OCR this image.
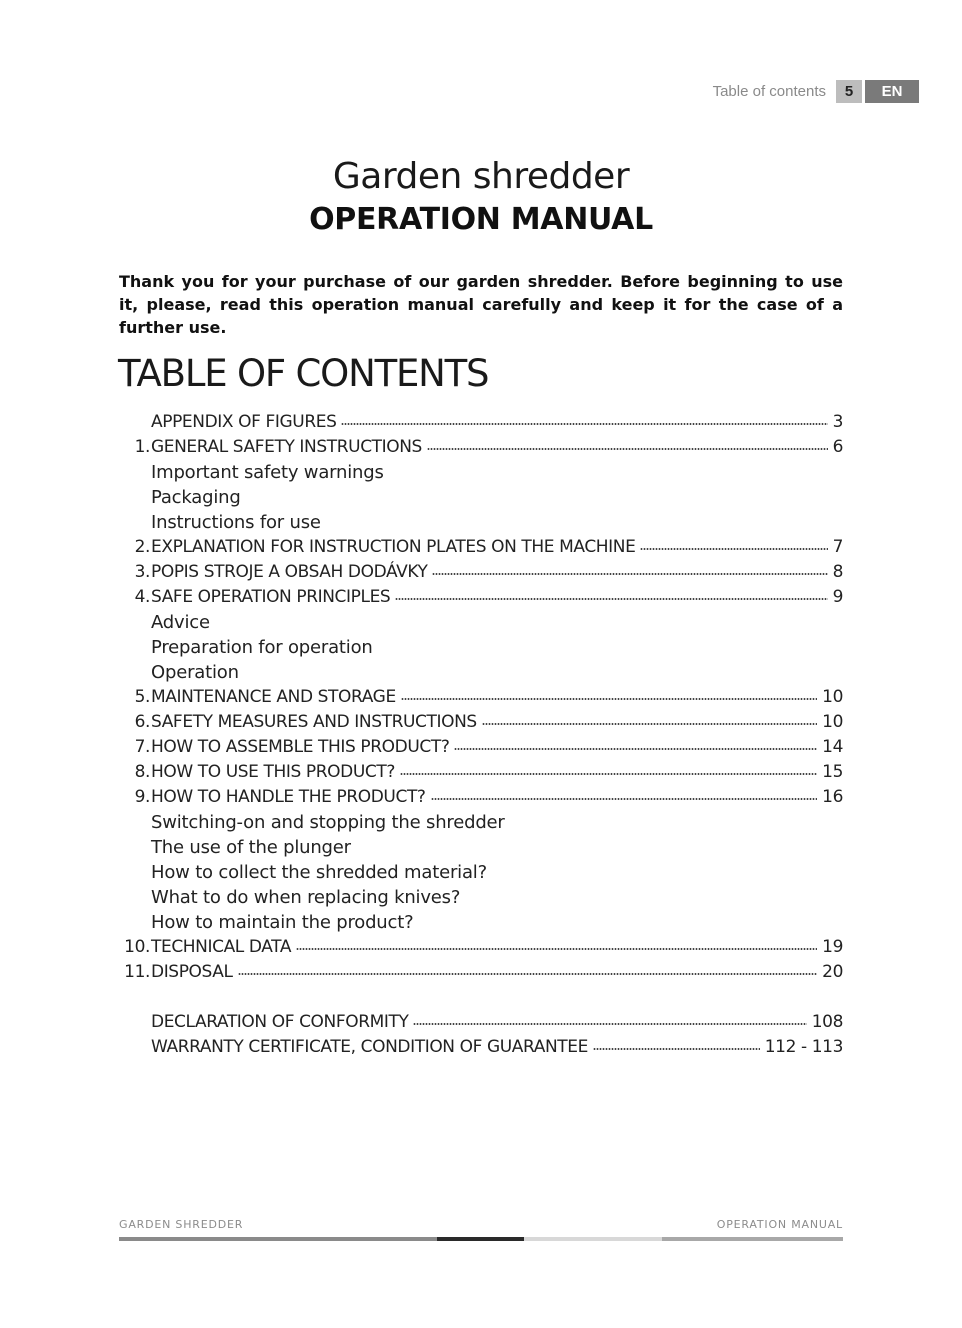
Table of contents	5	EN
Garden shredder
OPERATION MANUAL
Thank you for your purchase of our garden shredder. Before beginning to use it, please, read this operation manual carefully and keep it for the case of a further use.
TABLE OF CONTENTS
APPENDIX OF FIGURES	3
1. GENERAL SAFETY INSTRUCTIONS	6
Important safety warnings
Packaging
Instructions for use
2. EXPLANATION FOR INSTRUCTION PLATES ON THE MACHINE	7
3. POPIS STROJE A OBSAH DODÁVKY	8
4. SAFE OPERATION PRINCIPLES	9
Advice
Preparation for operation
Operation
5. MAINTENANCE AND STORAGE	10
6. SAFETY MEASURES AND INSTRUCTIONS	10
7. HOW TO ASSEMBLE THIS PRODUCT?	14
8. HOW TO USE THIS PRODUCT?	15
9. HOW TO HANDLE THE PRODUCT?	16
Switching-on and stopping the shredder
The use of the plunger
How to collect the shredded material?
What to do when replacing knives?
How to maintain the product?
10. TECHNICAL DATA	19
11. DISPOSAL	20
DECLARATION OF CONFORMITY	108
WARRANTY CERTIFICATE, CONDITION OF GUARANTEE	112 - 113
GARDEN SHREDDER	OPERATION MANUAL
